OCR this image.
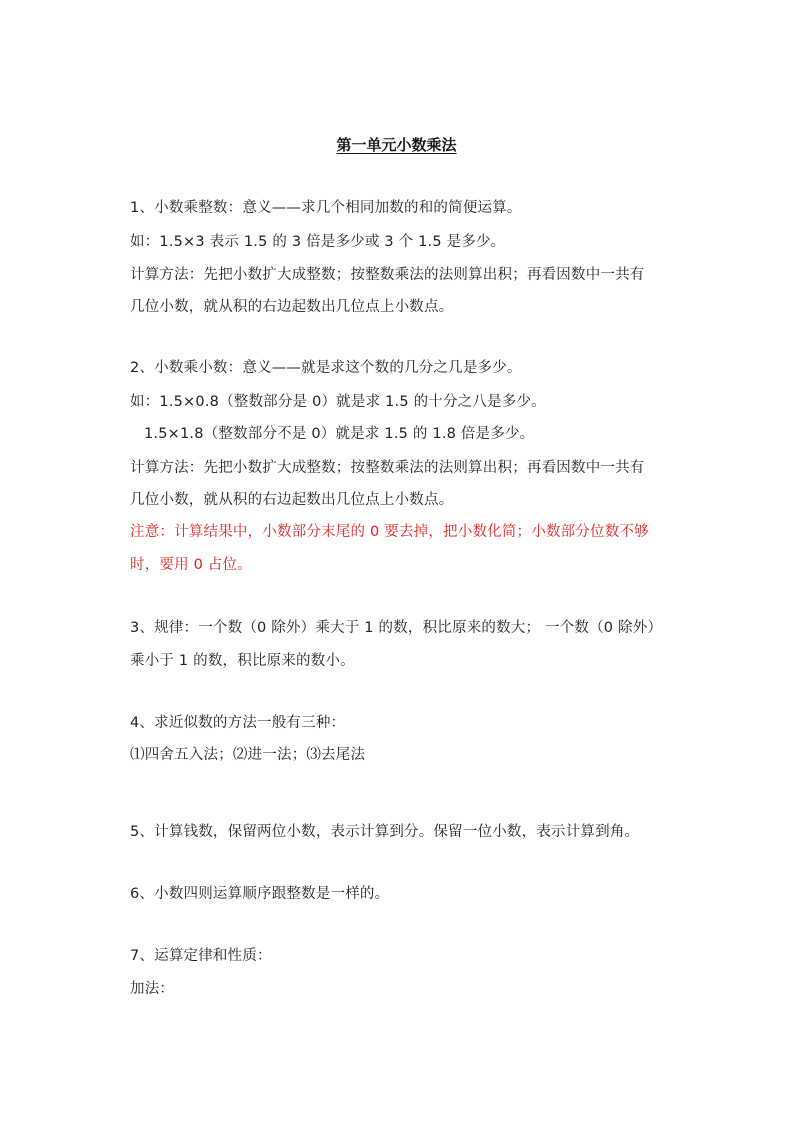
第一单元小数乘法
1、小数乘整数：意义——求几个相同加数的和的简便运算。
如：1.5×3 表示 1.5 的 3 倍是多少或 3 个 1.5 是多少。
计算方法：先把小数扩大成整数；按整数乘法的法则算出积；再看因数中一共有
几位小数，就从积的右边起数出几位点上小数点。
2、小数乘小数：意义——就是求这个数的几分之几是多少。
如：1.5×0.8（整数部分是 0）就是求 1.5 的十分之八是多少。
1.5×1.8（整数部分不是 0）就是求 1.5 的 1.8 倍是多少。
计算方法：先把小数扩大成整数；按整数乘法的法则算出积；再看因数中一共有
几位小数，就从积的右边起数出几位点上小数点。
注意：计算结果中，小数部分末尾的 0 要去掉，把小数化简；小数部分位数不够
时，要用 0 占位。
3、规律：一个数（0 除外）乘大于 1 的数，积比原来的数大； 一个数（0 除外）
乘小于 1 的数，积比原来的数小。
4、求近似数的方法一般有三种：
⑴四舍五入法；⑵进一法；⑶去尾法
5、计算钱数，保留两位小数，表示计算到分。保留一位小数，表示计算到角。
6、小数四则运算顺序跟整数是一样的。
7、运算定律和性质：
加法：
